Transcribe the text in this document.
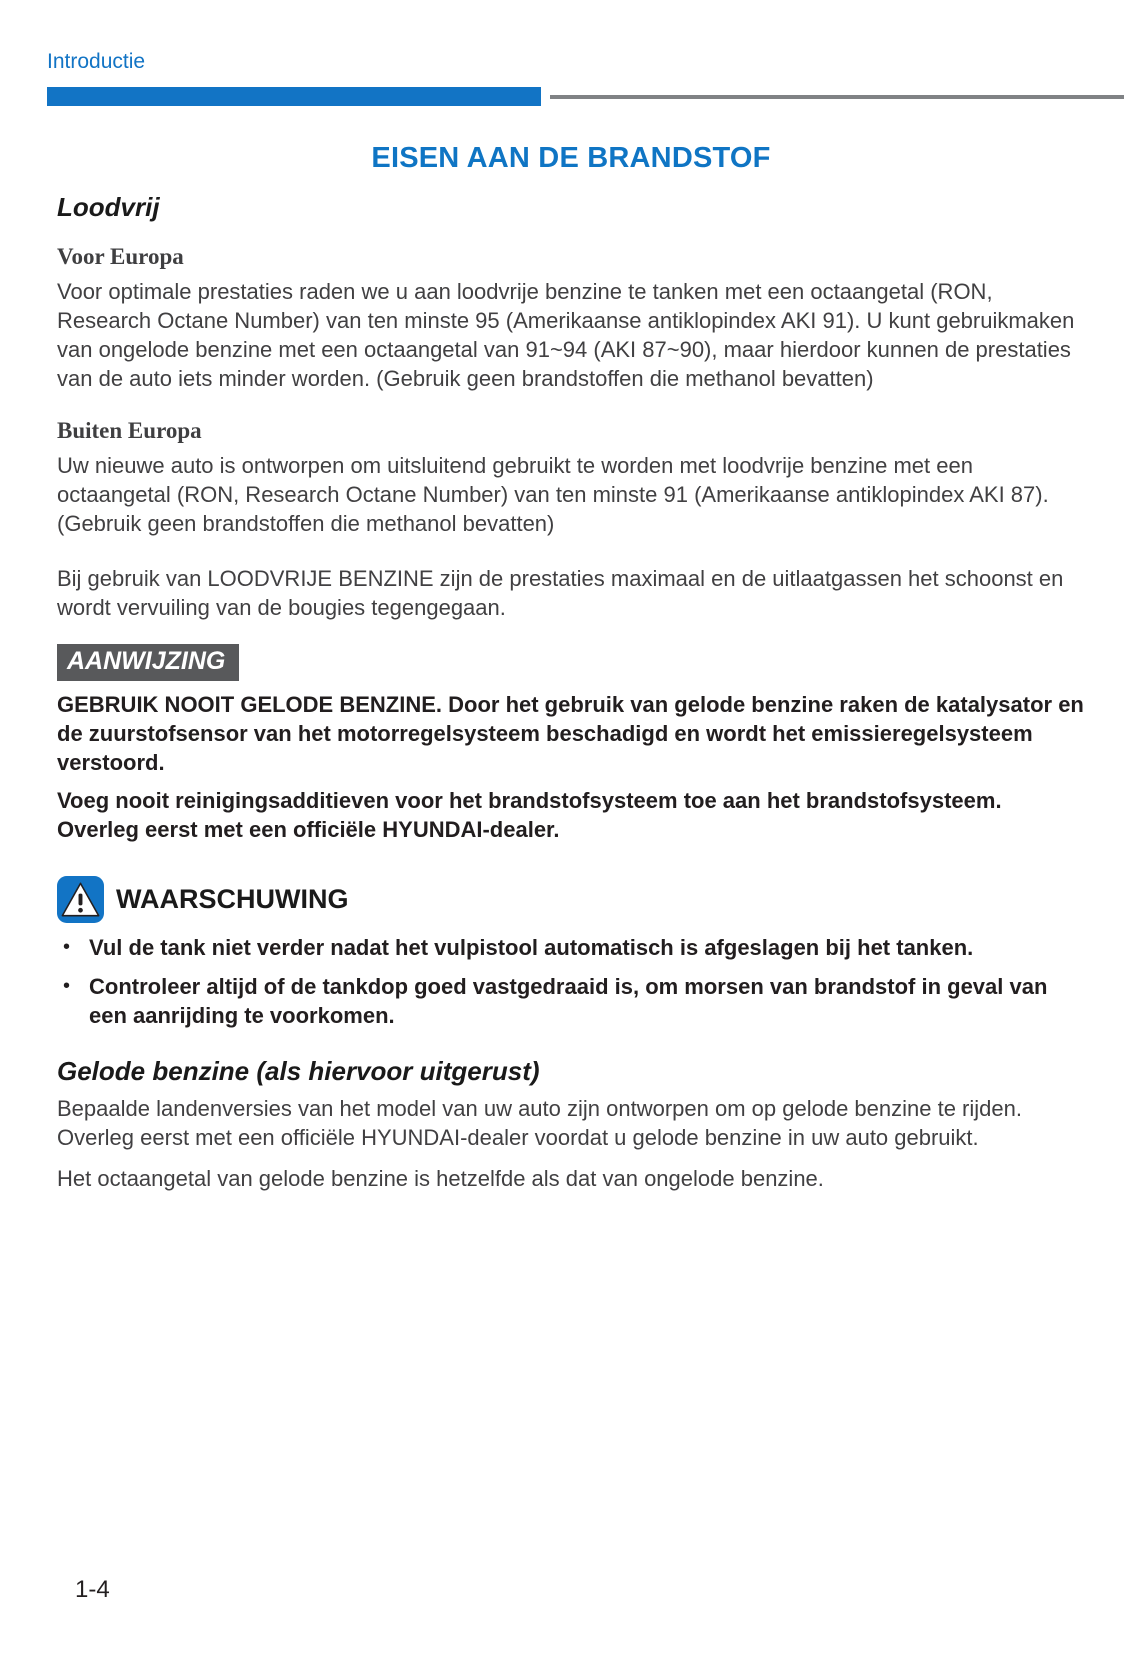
Introductie
EISEN AAN DE BRANDSTOF
Loodvrij
Voor Europa
Voor optimale prestaties raden we u aan loodvrije benzine te tanken met een octaangetal (RON, Research Octane Number) van ten minste 95 (Amerikaanse antiklopindex AKI 91). U kunt gebruikmaken van ongelode benzine met een octaangetal van 91~94 (AKI 87~90), maar hierdoor kunnen de prestaties van de auto iets minder worden. (Gebruik geen brandstoffen die methanol bevatten)
Buiten Europa
Uw nieuwe auto is ontworpen om uitsluitend gebruikt te worden met loodvrije benzine met een octaangetal (RON, Research Octane Number) van ten minste 91 (Amerikaanse antiklopindex AKI 87). (Gebruik geen brandstoffen die methanol bevatten)
Bij gebruik van LOODVRIJE BENZINE zijn de prestaties maximaal en de uitlaatgassen het schoonst en wordt vervuiling van de bougies tegengegaan.
AANWIJZING
GEBRUIK NOOIT GELODE BENZINE. Door het gebruik van gelode benzine raken de katalysator en de zuurstofsensor van het motorregelsysteem beschadigd en wordt het emissieregelsysteem verstoord.
Voeg nooit reinigingsadditieven voor het brandstofsysteem toe aan het brandstofsysteem. Overleg eerst met een officiële HYUNDAI-dealer.
WAARSCHUWING
• Vul de tank niet verder nadat het vulpistool automatisch is afgeslagen bij het tanken.
• Controleer altijd of de tankdop goed vastgedraaid is, om morsen van brandstof in geval van een aanrijding te voorkomen.
Gelode benzine (als hiervoor uitgerust)
Bepaalde landenversies van het model van uw auto zijn ontworpen om op gelode benzine te rijden. Overleg eerst met een officiële HYUNDAI-dealer voordat u gelode benzine in uw auto gebruikt.
Het octaangetal van gelode benzine is hetzelfde als dat van ongelode benzine.
1-4
